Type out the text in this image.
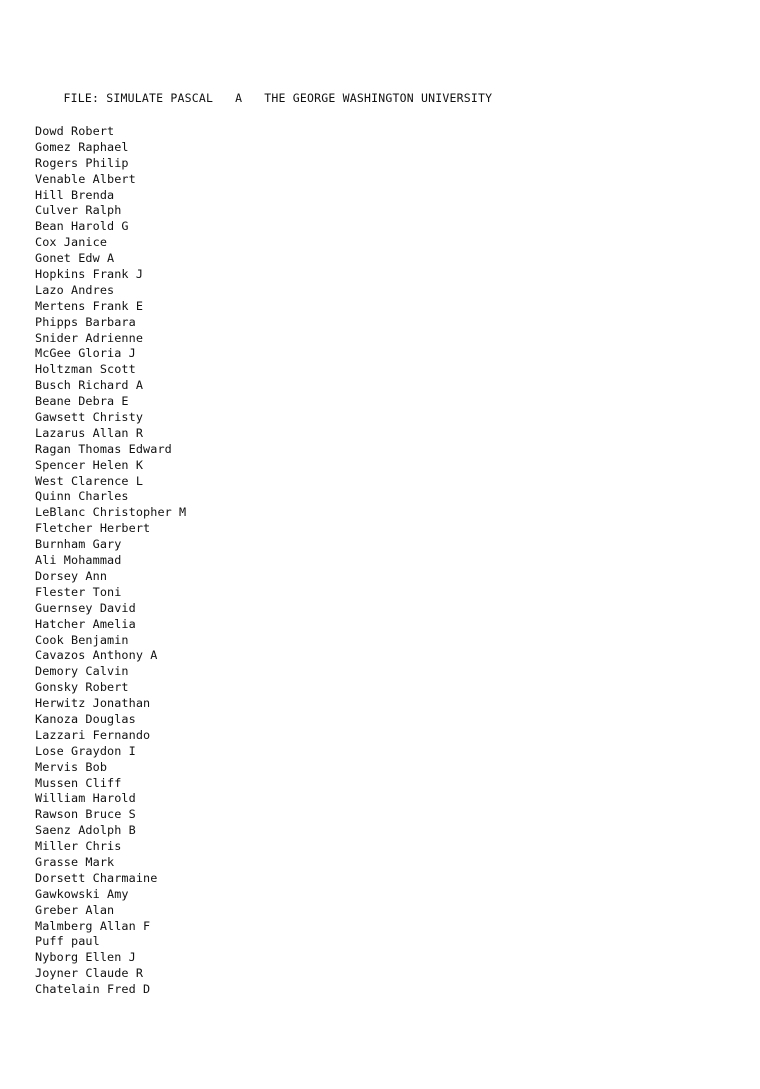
FILE: SIMULATE PASCAL A THE GEORGE WASHINGTON UNIVERSITY

Dowd Robert
Gomez Raphael
Rogers Philip
Venable Albert
Hill Brenda
Culver Ralph
Bean Harold G
Cox Janice
Gonet Edw A
Hopkins Frank J
Lazo Andres
Mertens Frank E
Phipps Barbara
Snider Adrienne
McGee Gloria J
Holtzman Scott
Busch Richard A
Beane Debra E
Gawsett Christy
Lazarus Allan R
Ragan Thomas Edward
Spencer Helen K
West Clarence L
Quinn Charles
LeBlanc Christopher M
Fletcher Herbert
Burnham Gary
Ali Mohammad
Dorsey Ann
Flester Toni
Guernsey David
Hatcher Amelia
Cook Benjamin
Cavazos Anthony A
Demory Calvin
Gonsky Robert
Herwitz Jonathan
Kanoza Douglas
Lazzari Fernando
Lose Graydon I
Mervis Bob
Mussen Cliff
William Harold
Rawson Bruce S
Saenz Adolph B
Miller Chris
Grasse Mark
Dorsett Charmaine
Gawkowski Amy
Greber Alan
Malmberg Allan F
Puff paul
Nyborg Ellen J
Joyner Claude R
Chatelain Fred D
